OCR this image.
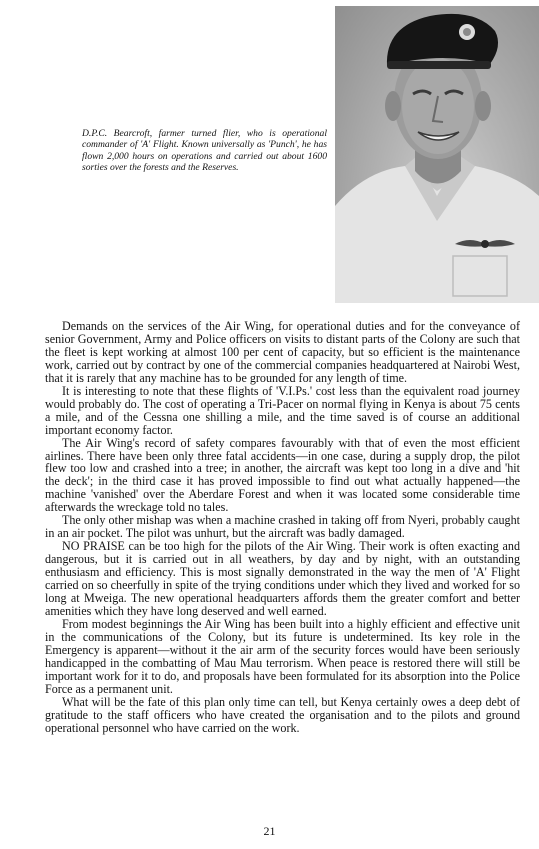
D.P.C. Bearcroft, farmer turned flier, who is operational commander of 'A' Flight. Known universally as 'Punch', he has flown 2,000 hours on operations and carried out about 1600 sorties over the forests and the Reserves.

Demands on the services of the Air Wing, for operational duties and for the conveyance of senior Government, Army and Police officers on visits to distant parts of the Colony are such that the fleet is kept working at almost 100 per cent of capacity, but so efficient is the maintenance work, carried out by contract by one of the commercial companies headquartered at Nairobi West, that it is rarely that any machine has to be grounded for any length of time.

It is interesting to note that these flights of 'V.I.Ps.' cost less than the equivalent road journey would probably do. The cost of operating a Tri-Pacer on normal flying in Kenya is about 75 cents a mile, and of the Cessna one shilling a mile, and the time saved is of course an additional important economy factor.

The Air Wing's record of safety compares favourably with that of even the most efficient airlines. There have been only three fatal accidents—in one case, during a supply drop, the pilot flew too low and crashed into a tree; in another, the aircraft was kept too long in a dive and 'hit the deck'; in the third case it has proved impossible to find out what actually happened—the machine 'vanished' over the Aberdare Forest and when it was located some considerable time afterwards the wreckage told no tales.

The only other mishap was when a machine crashed in taking off from Nyeri, probably caught in an air pocket. The pilot was unhurt, but the aircraft was badly damaged.

NO PRAISE can be too high for the pilots of the Air Wing. Their work is often exacting and dangerous, but it is carried out in all weathers, by day and by night, with an outstanding enthusiasm and efficiency. This is most signally demonstrated in the way the men of 'A' Flight carried on so cheerfully in spite of the trying conditions under which they lived and worked for so long at Mweiga. The new operational headquarters affords them the greater comfort and better amenities which they have long deserved and well earned.

From modest beginnings the Air Wing has been built into a highly efficient and effective unit in the communications of the Colony, but its future is undetermined. Its key role in the Emergency is apparent—without it the air arm of the security forces would have been seriously handicapped in the combatting of Mau Mau terrorism. When peace is restored there will still be important work for it to do, and proposals have been formulated for its absorption into the Police Force as a permanent unit.

What will be the fate of this plan only time can tell, but Kenya certainly owes a deep debt of gratitude to the staff officers who have created the organisation and to the pilots and ground operational personnel who have carried on the work.

21
